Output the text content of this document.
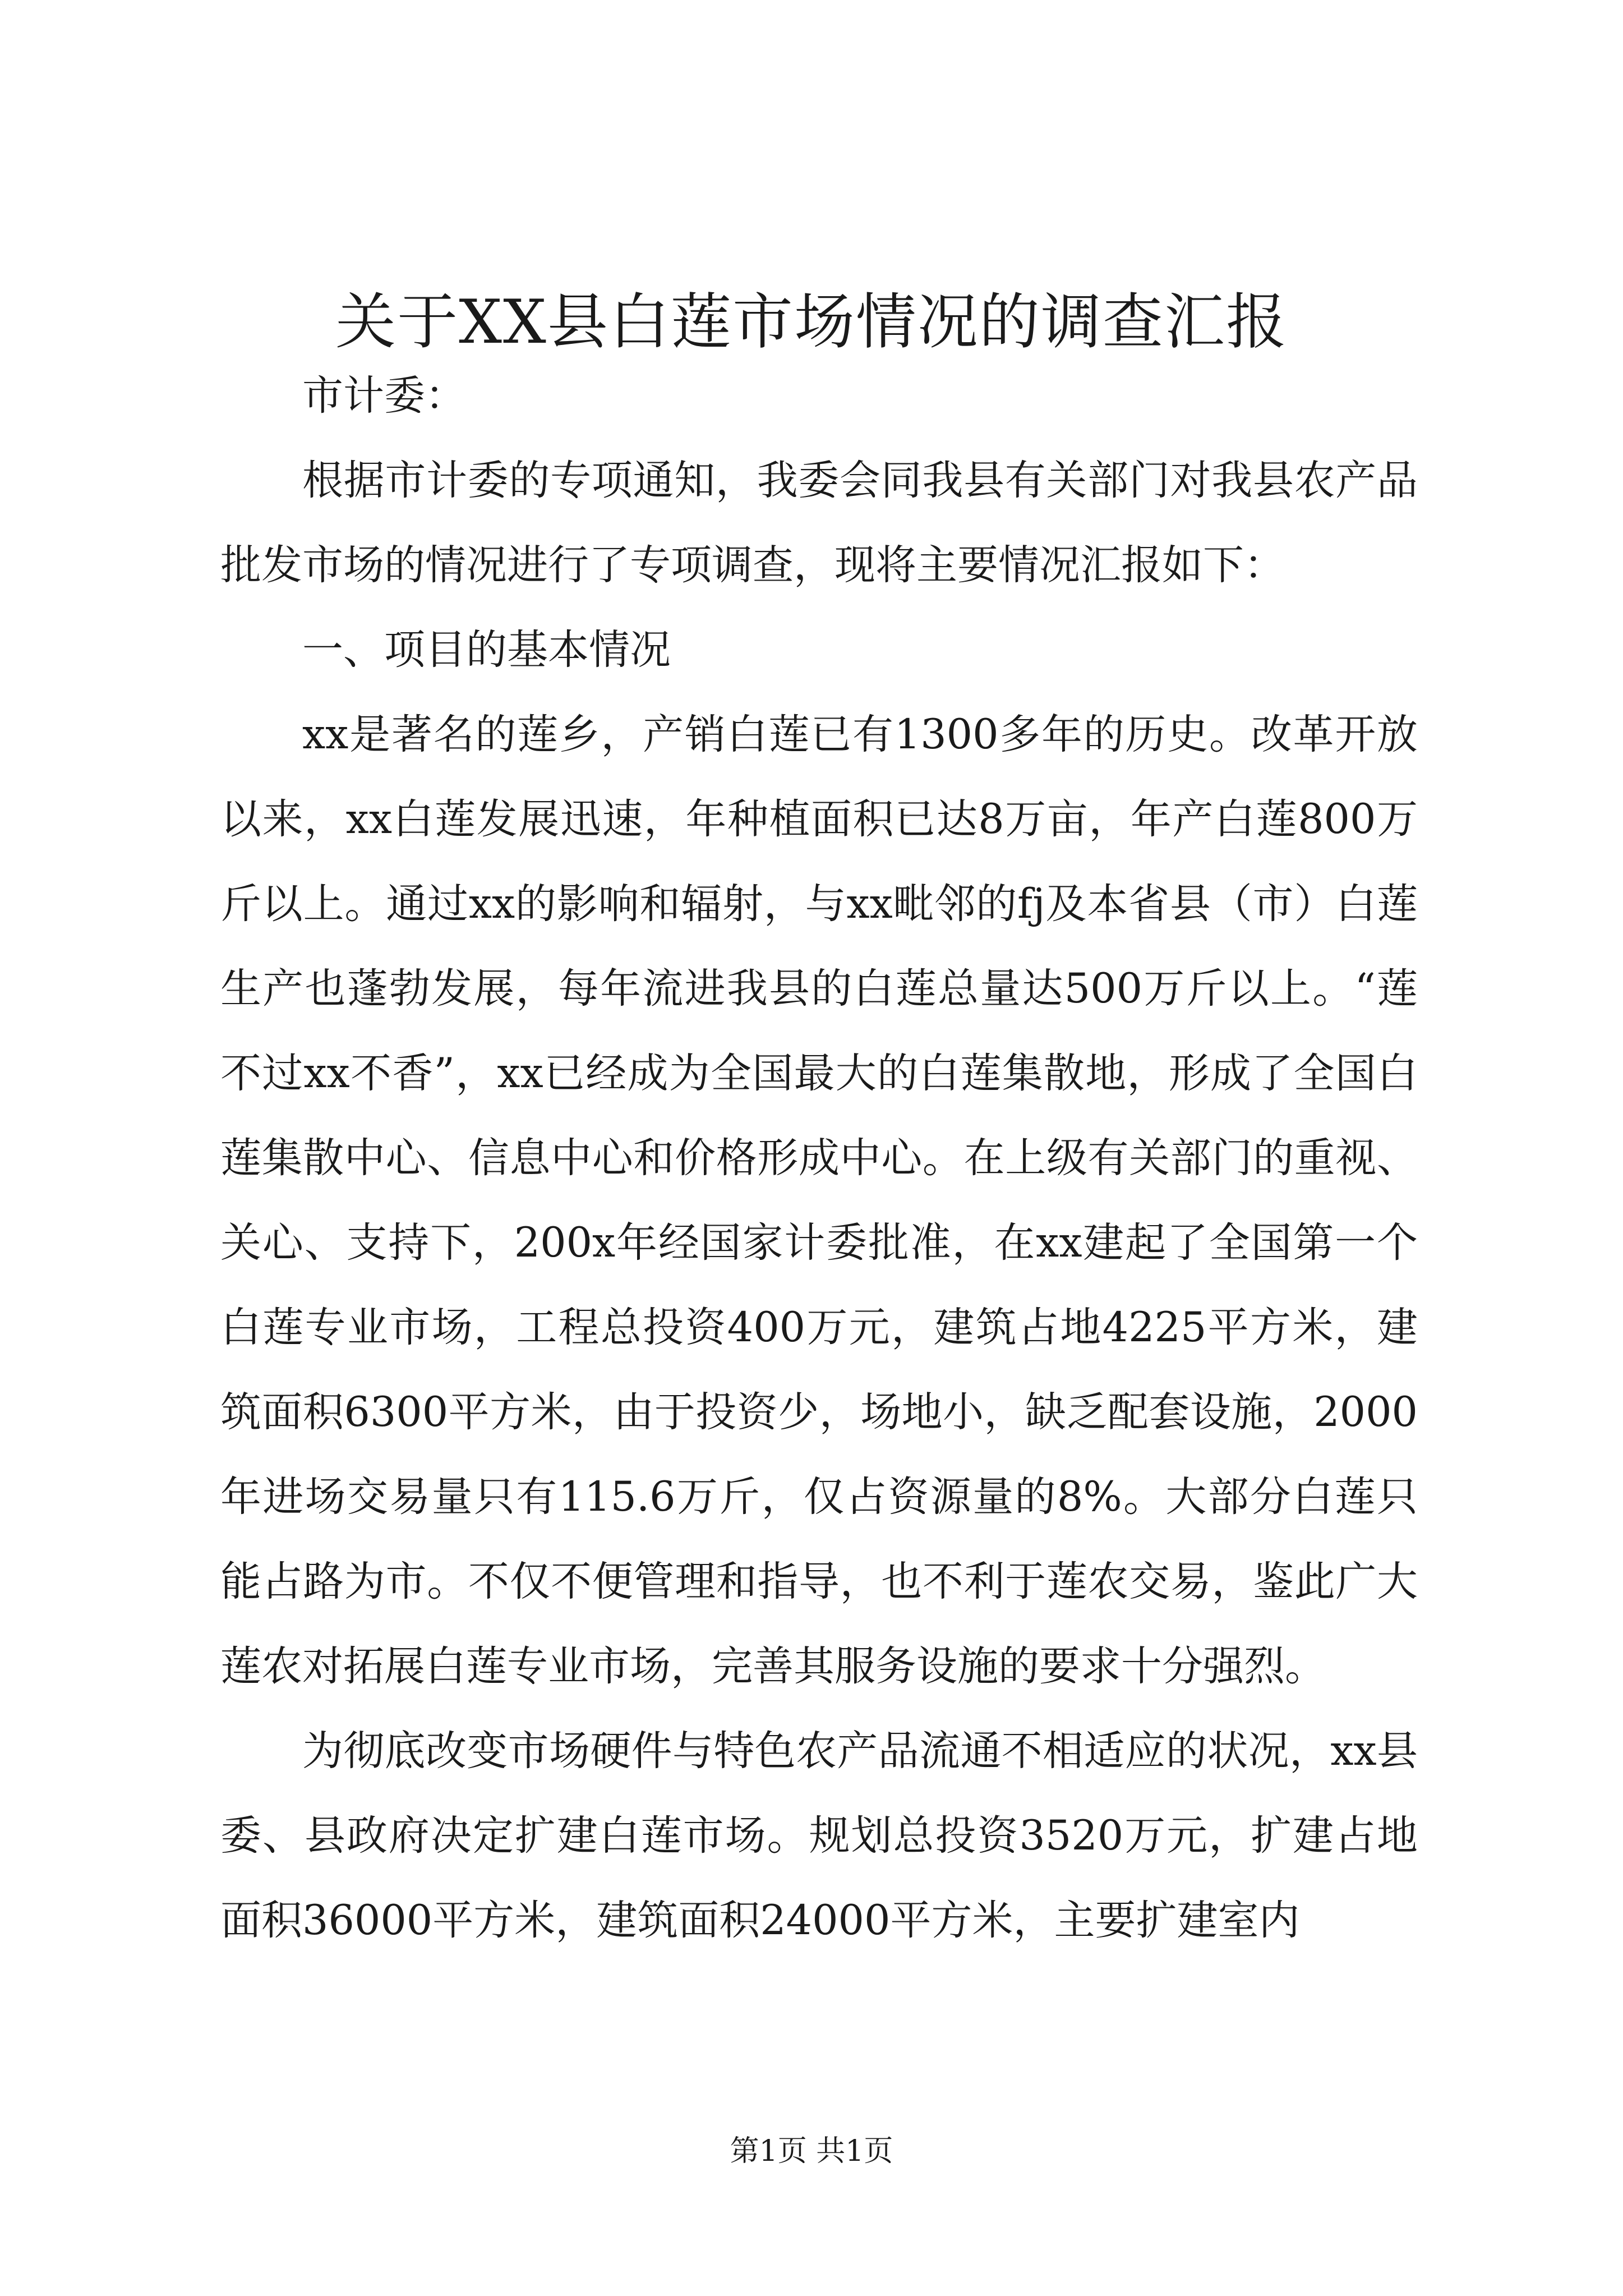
关于XX县白莲市场情况的调查汇报

市计委：

根据市计委的专项通知，我委会同我县有关部门对我县农产品批发市场的情况进行了专项调查，现将主要情况汇报如下：

一、项目的基本情况

xx是著名的莲乡，产销白莲已有1300多年的历史。改革开放以来，xx白莲发展迅速，年种植面积已达8万亩，年产白莲800万斤以上。通过xx的影响和辐射，与xx毗邻的fj及本省县（市）白莲生产也蓬勃发展，每年流进我县的白莲总量达500万斤以上。“莲不过xx不香”，xx已经成为全国最大的白莲集散地，形成了全国白莲集散中心、信息中心和价格形成中心。在上级有关部门的重视、关心、支持下，200x年经国家计委批准，在xx建起了全国第一个白莲专业市场，工程总投资400万元，建筑占地4225平方米，建筑面积6300平方米，由于投资少，场地小，缺乏配套设施，2000年进场交易量只有115.6万斤，仅占资源量的8%。大部分白莲只能占路为市。不仅不便管理和指导，也不利于莲农交易，鉴此广大莲农对拓展白莲专业市场，完善其服务设施的要求十分强烈。

为彻底改变市场硬件与特色农产品流通不相适应的状况，xx县委、县政府决定扩建白莲市场。规划总投资3520万元，扩建占地面积36000平方米，建筑面积24000平方米，主要扩建室内

第1页 共1页
